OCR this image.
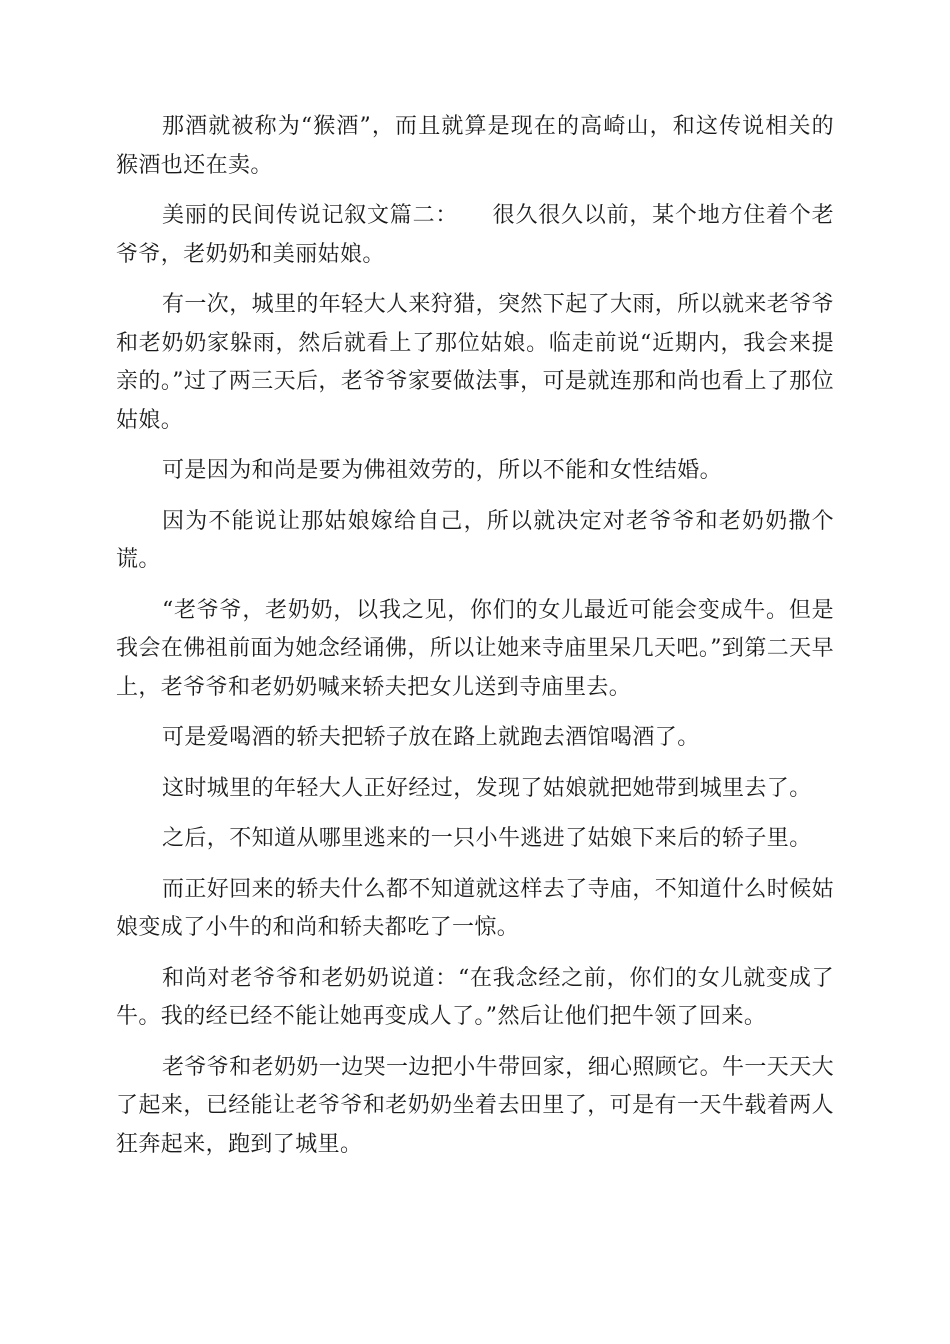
那酒就被称为“猴酒”，而且就算是现在的高崎山，和这传说相关的猴酒也还在卖。

美丽的民间传说记叙文篇二：　　很久很久以前，某个地方住着个老爷爷，老奶奶和美丽姑娘。

有一次，城里的年轻大人来狩猎，突然下起了大雨，所以就来老爷爷和老奶奶家躲雨，然后就看上了那位姑娘。临走前说“近期内，我会来提亲的。”过了两三天后，老爷爷家要做法事，可是就连那和尚也看上了那位姑娘。

可是因为和尚是要为佛祖效劳的，所以不能和女性结婚。

因为不能说让那姑娘嫁给自己，所以就决定对老爷爷和老奶奶撒个谎。

“老爷爷，老奶奶，以我之见，你们的女儿最近可能会变成牛。但是我会在佛祖前面为她念经诵佛，所以让她来寺庙里呆几天吧。”到第二天早上，老爷爷和老奶奶喊来轿夫把女儿送到寺庙里去。

可是爱喝酒的轿夫把轿子放在路上就跑去酒馆喝酒了。

这时城里的年轻大人正好经过，发现了姑娘就把她带到城里去了。

之后，不知道从哪里逃来的一只小牛逃进了姑娘下来后的轿子里。

而正好回来的轿夫什么都不知道就这样去了寺庙，不知道什么时候姑娘变成了小牛的和尚和轿夫都吃了一惊。

和尚对老爷爷和老奶奶说道：“在我念经之前，你们的女儿就变成了牛。我的经已经不能让她再变成人了。”然后让他们把牛领了回来。

老爷爷和老奶奶一边哭一边把小牛带回家，细心照顾它。牛一天天大了起来，已经能让老爷爷和老奶奶坐着去田里了，可是有一天牛载着两人狂奔起来，跑到了城里。
